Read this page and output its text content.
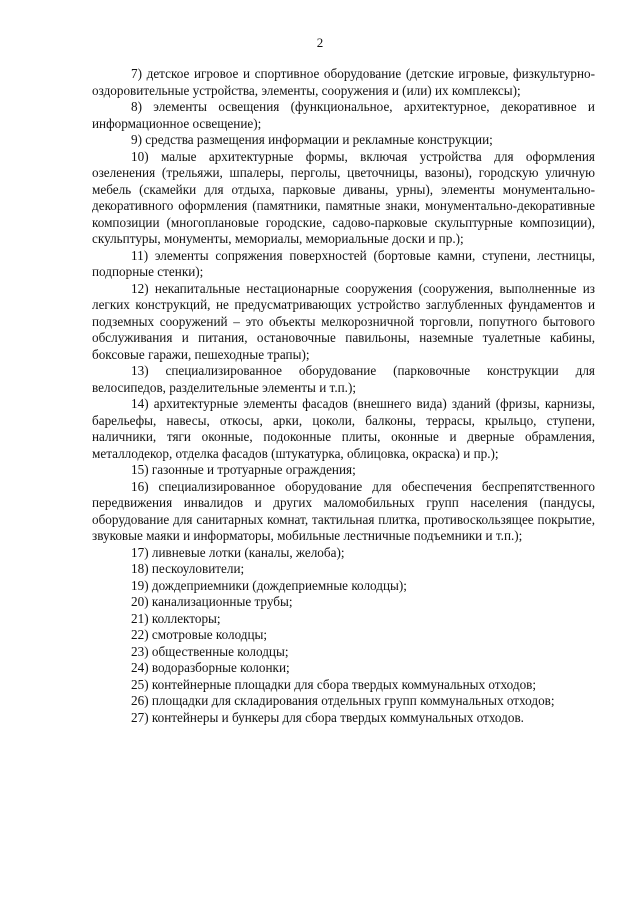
2

7) детское игровое и спортивное оборудование (детские игровые, физкультурно-оздоровительные устройства, элементы, сооружения и (или) их комплексы);

8) элементы освещения (функциональное, архитектурное, декоративное и информационное освещение);

9) средства размещения информации и рекламные конструкции;

10) малые архитектурные формы, включая устройства для оформления озеленения (трельяжи, шпалеры, перголы, цветочницы, вазоны), городскую уличную мебель (скамейки для отдыха, парковые диваны, урны), элементы монументально-декоративного оформления (памятники, памятные знаки, монументально-декоративные композиции (многоплановые городские, садово-парковые скульптурные композиции), скульптуры, монументы, мемориалы, мемориальные доски и пр.);

11) элементы сопряжения поверхностей (бортовые камни, ступени, лестницы, подпорные стенки);

12) некапитальные нестационарные сооружения (сооружения, выполненные из легких конструкций, не предусматривающих устройство заглубленных фундаментов и подземных сооружений – это объекты мелкорозничной торговли, попутного бытового обслуживания и питания, остановочные павильоны, наземные туалетные кабины, боксовые гаражи, пешеходные трапы);

13) специализированное оборудование (парковочные конструкции для велосипедов, разделительные элементы и т.п.);

14) архитектурные элементы фасадов (внешнего вида) зданий (фризы, карнизы, барельефы, навесы, откосы, арки, цоколи, балконы, террасы, крыльцо, ступени, наличники, тяги оконные, подоконные плиты, оконные и дверные обрамления, металлодекор, отделка фасадов (штукатурка, облицовка, окраска) и пр.);

15) газонные и тротуарные ограждения;

16) специализированное оборудование для обеспечения беспрепятственного передвижения инвалидов и других маломобильных групп населения (пандусы, оборудование для санитарных комнат, тактильная плитка, противоскользящее покрытие, звуковые маяки и информаторы, мобильные лестничные подъемники и т.п.);

17) ливневые лотки (каналы, желоба);

18) пескоуловители;

19) дождеприемники (дождеприемные колодцы);

20) канализационные трубы;

21) коллекторы;

22) смотровые колодцы;

23) общественные колодцы;

24) водоразборные колонки;

25) контейнерные площадки для сбора твердых коммунальных отходов;

26) площадки для складирования отдельных групп коммунальных отходов;

27) контейнеры и бункеры для сбора твердых коммунальных отходов.
